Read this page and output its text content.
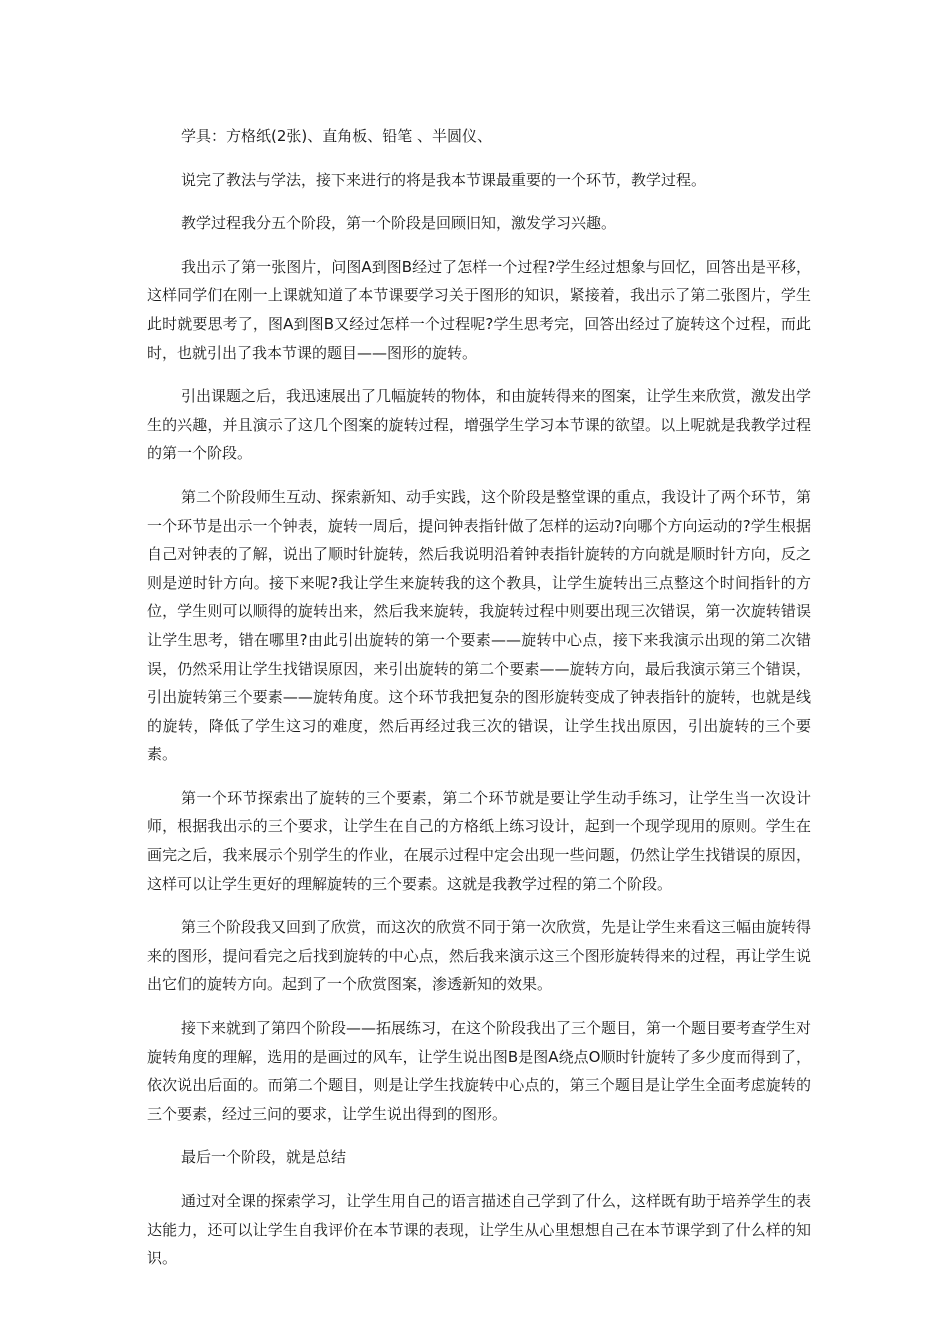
学具：方格纸(2张)、直角板、铅笔 、半圆仪、

说完了教法与学法，接下来进行的将是我本节课最重要的一个环节，教学过程。

教学过程我分五个阶段，第一个阶段是回顾旧知，激发学习兴趣。

我出示了第一张图片，问图A到图B经过了怎样一个过程?学生经过想象与回忆，回答出是平移，这样同学们在刚一上课就知道了本节课要学习关于图形的知识，紧接着，我出示了第二张图片，学生此时就要思考了，图A到图B又经过怎样一个过程呢?学生思考完，回答出经过了旋转这个过程，而此时，也就引出了我本节课的题目——图形的旋转。

引出课题之后，我迅速展出了几幅旋转的物体，和由旋转得来的图案，让学生来欣赏，激发出学生的兴趣，并且演示了这几个图案的旋转过程，增强学生学习本节课的欲望。以上呢就是我教学过程的第一个阶段。

第二个阶段师生互动、探索新知、动手实践，这个阶段是整堂课的重点，我设计了两个环节，第一个环节是出示一个钟表，旋转一周后，提问钟表指针做了怎样的运动?向哪个方向运动的?学生根据自己对钟表的了解，说出了顺时针旋转，然后我说明沿着钟表指针旋转的方向就是顺时针方向，反之则是逆时针方向。接下来呢?我让学生来旋转我的这个教具，让学生旋转出三点整这个时间指针的方位，学生则可以顺得的旋转出来，然后我来旋转，我旋转过程中则要出现三次错误，第一次旋转错误让学生思考，错在哪里?由此引出旋转的第一个要素——旋转中心点，接下来我演示出现的第二次错误，仍然采用让学生找错误原因，来引出旋转的第二个要素——旋转方向，最后我演示第三个错误，引出旋转第三个要素——旋转角度。这个环节我把复杂的图形旋转变成了钟表指针的旋转，也就是线的旋转，降低了学生这习的难度，然后再经过我三次的错误，让学生找出原因，引出旋转的三个要素。

第一个环节探索出了旋转的三个要素，第二个环节就是要让学生动手练习，让学生当一次设计师，根据我出示的三个要求，让学生在自己的方格纸上练习设计，起到一个现学现用的原则。学生在画完之后，我来展示个别学生的作业，在展示过程中定会出现一些问题，仍然让学生找错误的原因，这样可以让学生更好的理解旋转的三个要素。这就是我教学过程的第二个阶段。

第三个阶段我又回到了欣赏，而这次的欣赏不同于第一次欣赏，先是让学生来看这三幅由旋转得来的图形，提问看完之后找到旋转的中心点，然后我来演示这三个图形旋转得来的过程，再让学生说出它们的旋转方向。起到了一个欣赏图案，渗透新知的效果。

接下来就到了第四个阶段——拓展练习，在这个阶段我出了三个题目，第一个题目要考查学生对旋转角度的理解，选用的是画过的风车，让学生说出图B是图A绕点O顺时针旋转了多少度而得到了，依次说出后面的。而第二个题目，则是让学生找旋转中心点的，第三个题目是让学生全面考虑旋转的三个要素，经过三问的要求，让学生说出得到的图形。

最后一个阶段，就是总结

通过对全课的探索学习，让学生用自己的语言描述自己学到了什么，这样既有助于培养学生的表达能力，还可以让学生自我评价在本节课的表现，让学生从心里想想自己在本节课学到了什么样的知识。
